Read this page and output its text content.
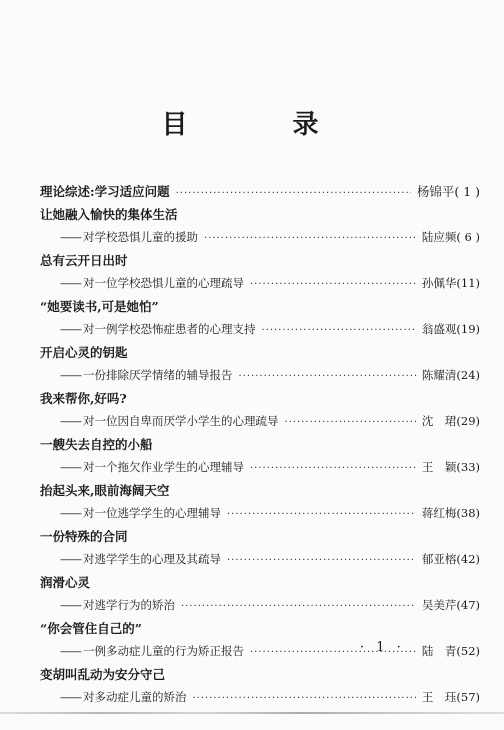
目 录
理论综述:学习适应问题 ·····	杨锦平 ( 1 )
让她融入愉快的集体生活
—— 对学校恐惧儿童的援助 ·····	陆应频 ( 6 )
总有云开日出时
—— 对一位学校恐惧儿童的心理疏导 ·····	孙佩华 (11)
“她要读书,可是她怕”
—— 对一例学校恐怖症患者的心理支持 ·····	翁盛观 (19)
开启心灵的钥匙
—— 一份排除厌学情绪的辅导报告 ·····	陈耀清 (24)
我来帮你,好吗?
—— 对一位因自卑而厌学小学生的心理疏导 ·····	沈　珺 (29)
一艘失去自控的小船
—— 对一个拖欠作业学生的心理辅导 ·····	王　颖 (33)
抬起头来,眼前海阔天空
—— 对一位逃学学生的心理辅导 ·····	蒋红梅 (38)
一份特殊的合同
—— 对逃学学生的心理及其疏导 ·····	郁亚榕 (42)
润滑心灵
—— 对逃学行为的矫治 ·····	吴美芹 (47)
“你会管住自己的”
—— 一例多动症儿童的行为矫正报告 ·····	陆　青 (52)
变胡叫乱动为安分守己
—— 对多动症儿童的矫治 ·····	王　珏 (57)
· 1 ·
